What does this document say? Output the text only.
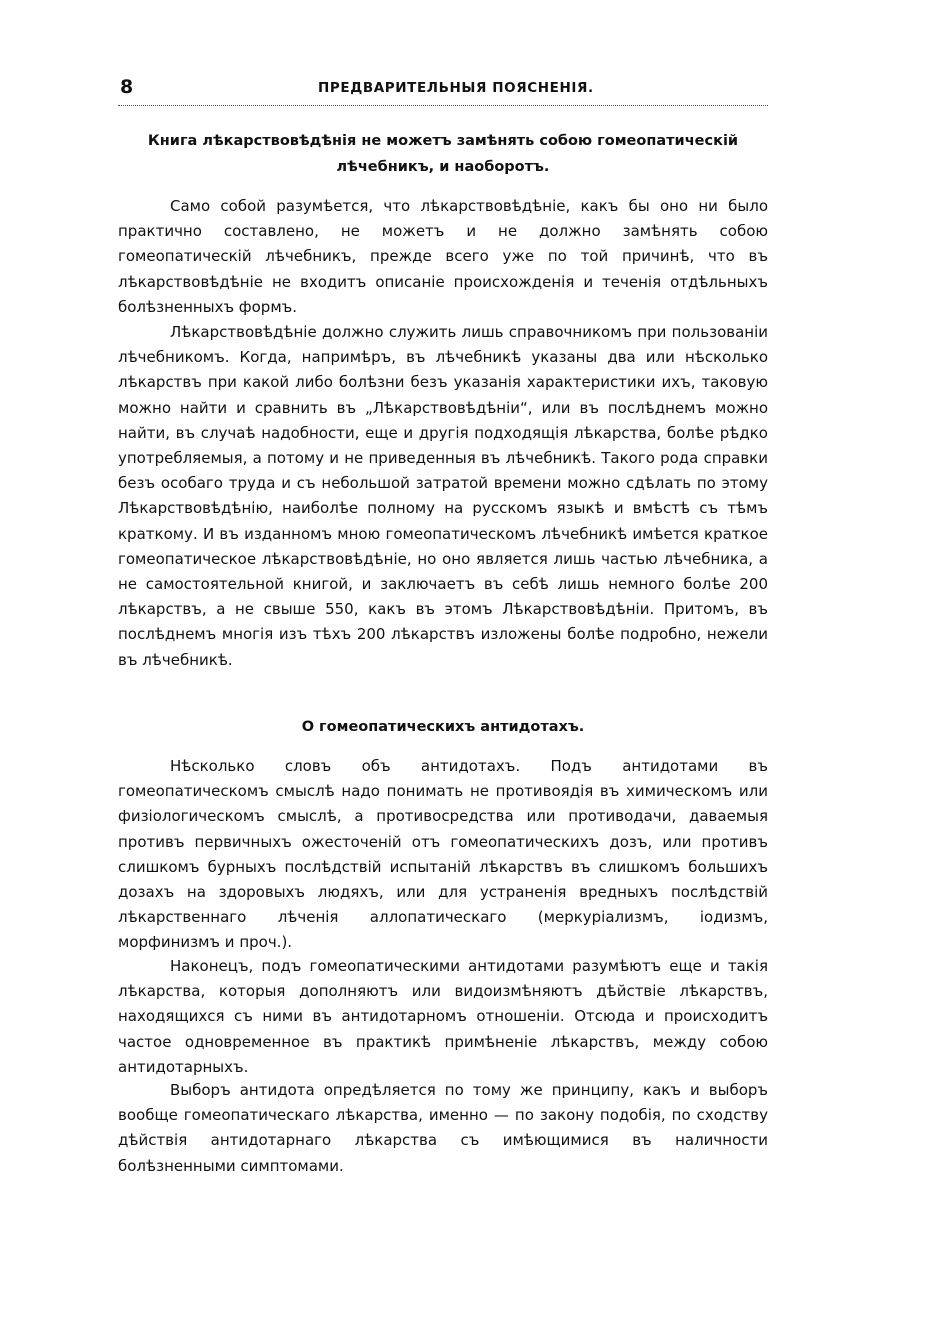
8	ПРЕДВАРИТЕЛЬНЫЯ ПОЯСНЕНІЯ.
Книга лѣкарствовѣдѣнія не можетъ замѣнять собою гомеопатическій лѣчебникъ, и наоборотъ.

Само собой разумѣется, что лѣкарствовѣдѣніе, какъ бы оно ни было практично составлено, не можетъ и не должно замѣнять собою гомеопатическій лѣчебникъ, прежде всего уже по той причинѣ, что въ лѣкарствовѣдѣніе не входитъ описаніе происхожденія и теченія отдѣльныхъ болѣзненныхъ формъ.

Лѣкарствовѣдѣніе должно служить лишь справочникомъ при пользованіи лѣчебникомъ. Когда, напримѣръ, въ лѣчебникѣ указаны два или нѣсколько лѣкарствъ при какой либо болѣзни безъ указанія характеристики ихъ, таковую можно найти и сравнить въ „Лѣкарствовѣдѣніи“, или въ послѣднемъ можно найти, въ случаѣ надобности, еще и другія подходящія лѣкарства, болѣе рѣдко употребляемыя, а потому и не приведенныя въ лѣчебникѣ. Такого рода справки безъ особаго труда и съ небольшой затратой времени можно сдѣлать по этому Лѣкарствовѣдѣнію, наиболѣе полному на русскомъ языкѣ и вмѣстѣ съ тѣмъ краткому. И въ изданномъ мною гомеопатическомъ лѣчебникѣ имѣется краткое гомеопатическое лѣкарствовѣдѣніе, но оно является лишь частью лѣчебника, а не самостоятельной книгой, и заключаетъ въ себѣ лишь немного болѣе 200 лѣкарствъ, а не свыше 550, какъ въ этомъ Лѣкарствовѣдѣніи. Притомъ, въ послѣднемъ многія изъ тѣхъ 200 лѣкарствъ изложены болѣе подробно, нежели въ лѣчебникѣ.

О гомеопатическихъ антидотахъ.

Нѣсколько словъ объ антидотахъ. Подъ антидотами въ гомеопатическомъ смыслѣ надо понимать не противоядія въ химическомъ или физіологическомъ смыслѣ, а противосредства или противодачи, даваемыя противъ первичныхъ ожесточеній отъ гомеопатическихъ дозъ, или противъ слишкомъ бурныхъ послѣдствій испытаній лѣкарствъ въ слишкомъ большихъ дозахъ на здоровыхъ людяхъ, или для устраненія вредныхъ послѣдствій лѣкарственнаго лѣченія аллопатическаго (меркуріализмъ, іодизмъ, морфинизмъ и проч.).

Наконецъ, подъ гомеопатическими антидотами разумѣютъ еще и такія лѣкарства, которыя дополняютъ или видоизмѣняютъ дѣйствіе лѣкарствъ, находящихся съ ними въ антидотарномъ отношеніи. Отсюда и происходитъ частое одновременное въ практикѣ примѣненіе лѣкарствъ, между собою антидотарныхъ.

Выборъ антидота опредѣляется по тому же принципу, какъ и выборъ вообще гомеопатическаго лѣкарства, именно — по закону подобія, по сходству дѣйствія антидотарнаго лѣкарства съ имѣющимися въ наличности болѣзненными симптомами.
